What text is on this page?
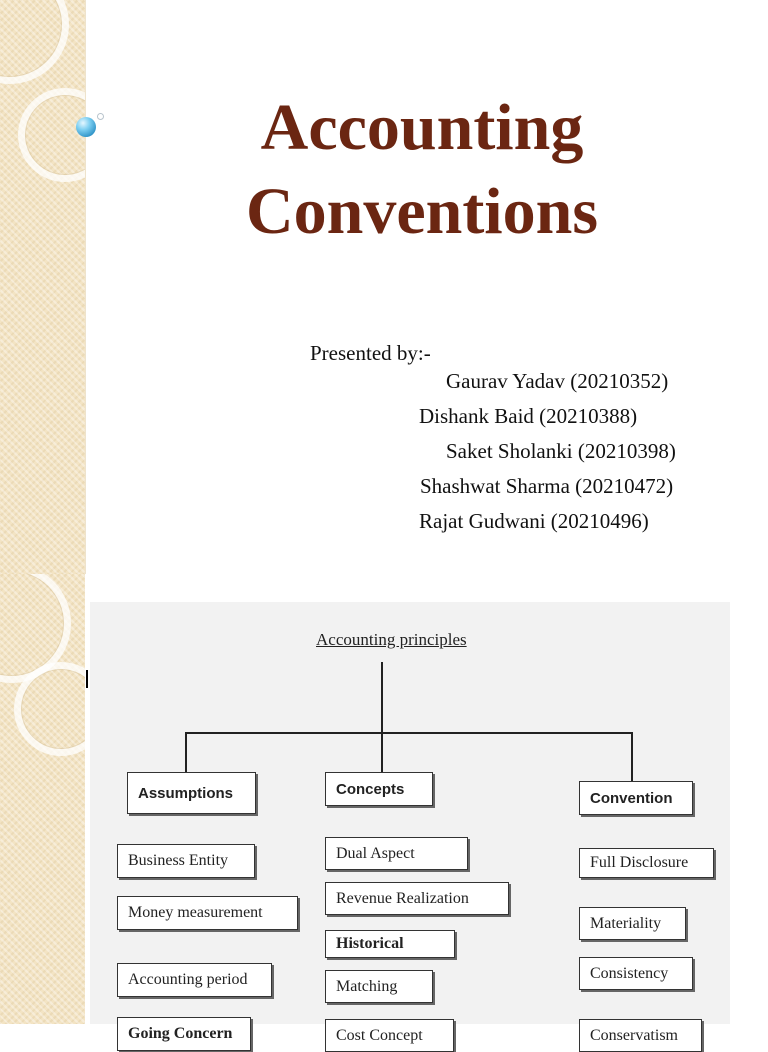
Accounting
Conventions
Presented by:-
Gaurav Yadav (20210352)
Dishank Baid (20210388)
Saket Sholanki (20210398)
Shashwat Sharma (20210472)
Rajat Gudwani (20210496)
Accounting principles
Assumptions	Concepts
Convention
Business Entity
Money measurement
Accounting period
Going Concern
Dual Aspect
Revenue Realization
Historical
Matching
Cost Concept
Full Disclosure
Materiality
Consistency
Conservatism
